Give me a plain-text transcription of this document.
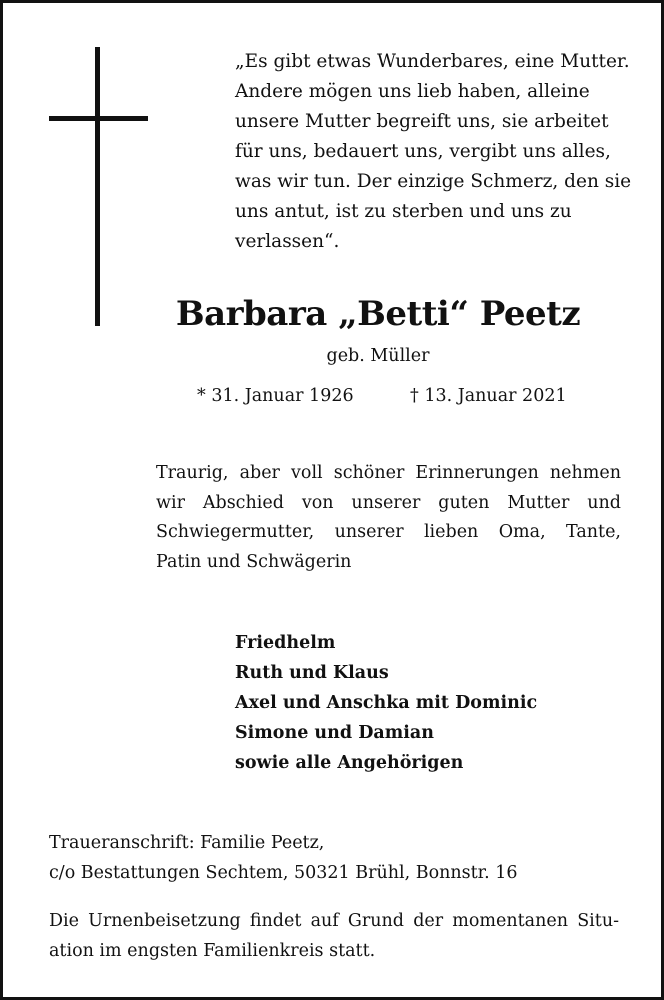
„Es gibt etwas Wunderbares, eine Mutter.
Andere mögen uns lieb haben, alleine
unsere Mutter begreift uns, sie arbeitet
für uns, bedauert uns, vergibt uns alles,
was wir tun. Der einzige Schmerz, den sie
uns antut, ist zu sterben und uns zu
verlassen“.
Barbara „Betti“ Peetz
geb. Müller
* 31. Januar 1926	† 13. Januar 2021
Traurig, aber voll schöner Erinnerungen nehmen
wir Abschied von unserer guten Mutter und
Schwiegermutter, unserer lieben Oma, Tante,
Patin und Schwägerin
Friedhelm
Ruth und Klaus
Axel und Anschka mit Dominic
Simone und Damian
sowie alle Angehörigen
Traueranschrift: Familie Peetz,
c/o Bestattungen Sechtem, 50321 Brühl, Bonnstr. 16
Die Urnenbeisetzung findet auf Grund der momentanen Situ-
ation im engsten Familienkreis statt.
